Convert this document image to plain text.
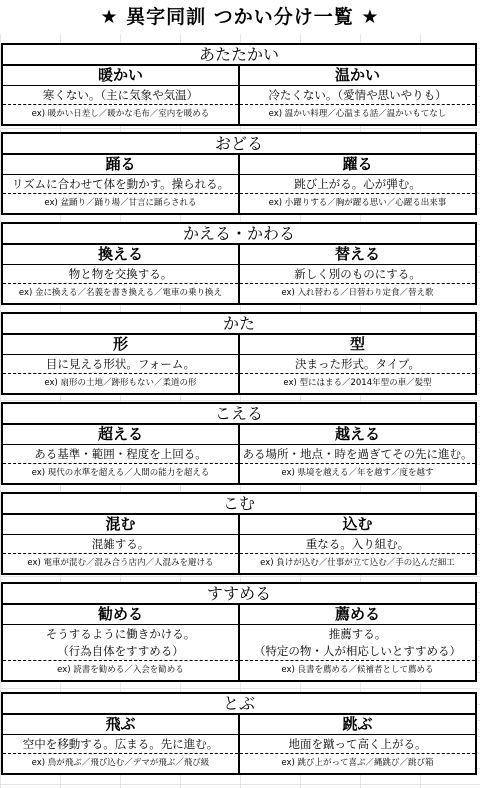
★ 異字同訓 つかい分け一覧 ★
あたたかい
暖かい
寒くない。（主に気象や気温）
ex) 暖かい日差し／暖かな毛布／室内を暖める
温かい
冷たくない。（愛情や思いやりも）
ex) 温かい料理／心温まる話／温かいもてなし
おどる
踊る
リズムに合わせて体を動かす。操られる。
ex) 盆踊り／踊り場／甘言に踊らされる
躍る
跳び上がる。心が弾む。
ex) 小躍りする／胸が躍る思い／心躍る出来事
かえる・かわる
換える
物と物を交換する。
ex) 金に換える／名義を書き換える／電車の乗り換え
替える
新しく別のものにする。
ex) 入れ替わる／日替わり定食／替え歌
かた
形
目に見える形状。フォーム。
ex) 扇形の土地／跡形もない／柔道の形
型
決まった形式。タイプ。
ex) 型にはまる／2014年型の車／髪型
こえる
超える
ある基準・範囲・程度を上回る。
ex) 現代の水準を超える／人間の能力を超える
越える
ある場所・地点・時を過ぎてその先に進む。
ex) 県境を越える／年を越す／度を越す
こむ
混む
混雑する。
ex) 電車が混む／混み合う店内／人混みを避ける
込む
重なる。入り組む。
ex) 負けが込む／仕事が立て込む／手の込んだ細工
すすめる
勧める
そうするように働きかける。
（行為自体をすすめる）
ex) 読書を勧める／入会を勧める
薦める
推薦する。
（特定の物・人が相応しいとすすめる）
ex) 良書を薦める／候補者として薦める
とぶ
飛ぶ
空中を移動する。広まる。先に進む。
ex) 鳥が飛ぶ／飛び込む／デマが飛ぶ／飛び級
跳ぶ
地面を蹴って高く上がる。
ex) 跳び上がって喜ぶ／縄跳び／跳び箱
